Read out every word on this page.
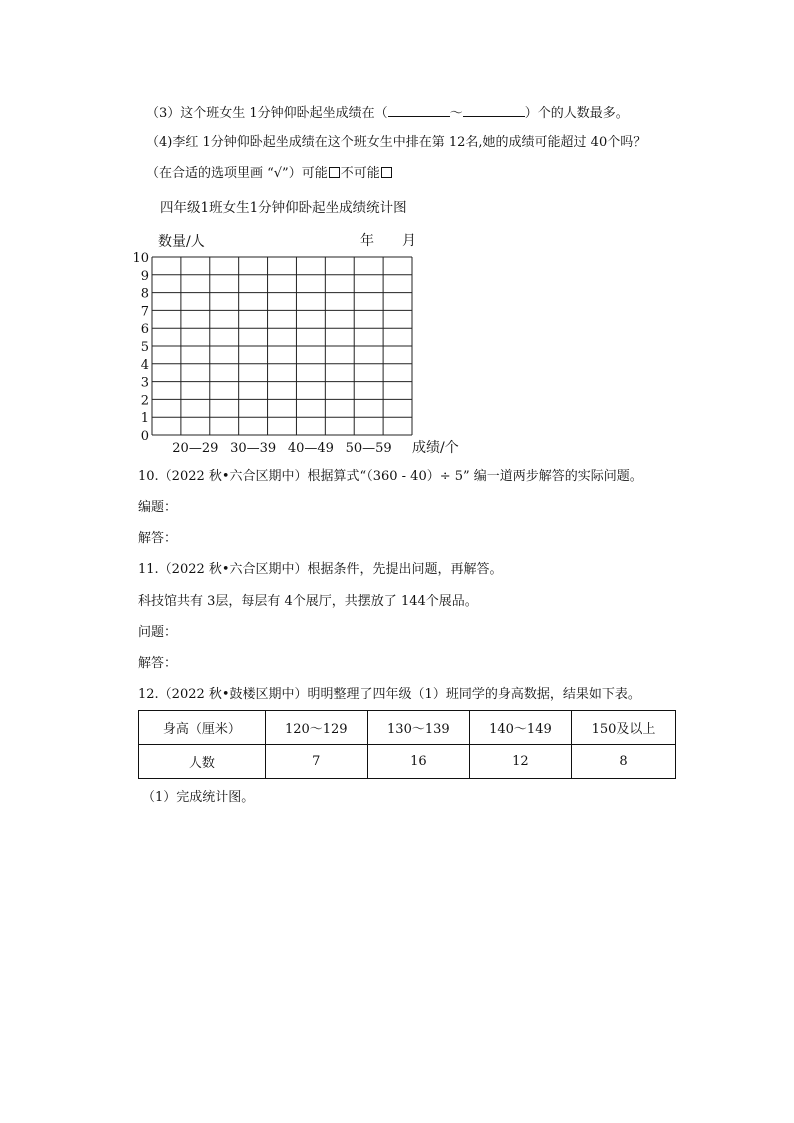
（3）这个班女生 1分钟仰卧起坐成绩在（	～	）个的人数最多。
（4)李红 1分钟仰卧起坐成绩在这个班女生中排在第 12名,她的成绩可能超过 40个吗？
（在合适的选项里画 “√”）可能 不可能
四年级1班女生1分钟仰卧起坐成绩统计图
数量/人	年　　月
成绩/个
0
1
2
3
4
5
6
7
8
9
10
20—29 30—39 40—49 50—59
10.（2022 秋•六合区期中）根据算式“（360 - 40）÷ 5” 编一道两步解答的实际问题。
编题：
解答：
11.（2022 秋•六合区期中）根据条件，先提出问题，再解答。
科技馆共有 3层，每层有 4个展厅，共摆放了 144个展品。
问题：
解答：
12.（2022 秋•鼓楼区期中）明明整理了四年级（1）班同学的身高数据，结果如下表。
身高（厘米）	120～129	130～139	140～149	150及以上
人数	7	16	12	8
（1）完成统计图。
